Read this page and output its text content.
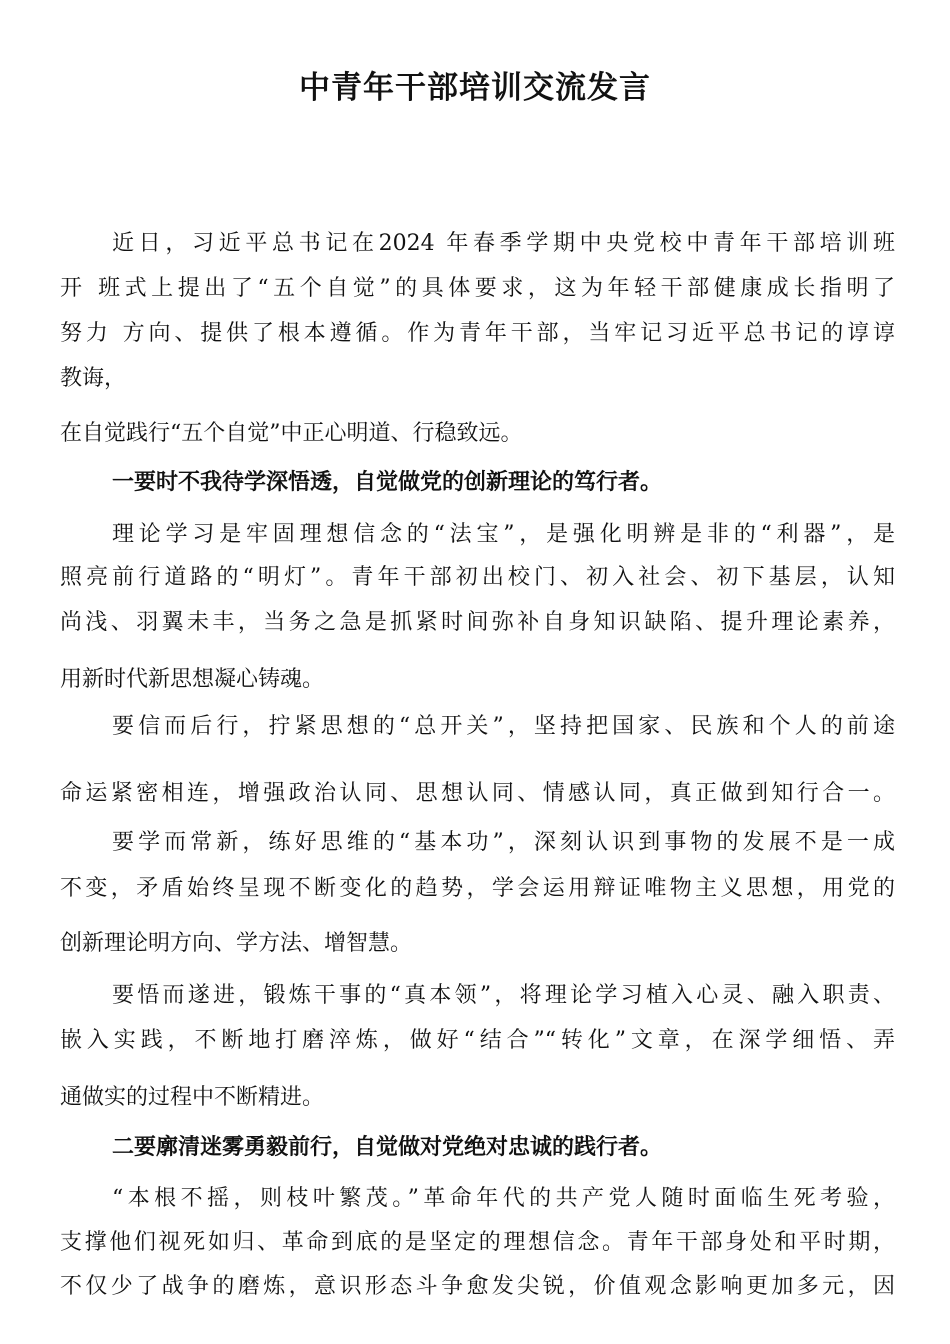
中青年干部培训交流发言

近日，习近平总书记在2024 年春季学期中央党校中青年干部培训班

开 班式上提出了“五个自觉”的具体要求，这为年轻干部健康成长指明了

努力 方向、提供了根本遵循。作为青年干部，当牢记习近平总书记的谆谆

教诲，

在自觉践行“五个自觉”中正心明道、行稳致远。

一要时不我待学深悟透，自觉做党的创新理论的笃行者。

理论学习是牢固理想信念的“法宝”，是强化明辨是非的“利器”，是

照亮前行道路的“明灯”。青年干部初出校门、初入社会、初下基层，认知

尚浅、羽翼未丰，当务之急是抓紧时间弥补自身知识缺陷、提升理论素养，

用新时代新思想凝心铸魂。

要信而后行，拧紧思想的“总开关”，坚持把国家、民族和个人的前途

命运紧密相连，增强政治认同、思想认同、情感认同，真正做到知行合一。

要学而常新，练好思维的“基本功”，深刻认识到事物的发展不是一成

不变，矛盾始终呈现不断变化的趋势，学会运用辩证唯物主义思想，用党的

创新理论明方向、学方法、增智慧。

要悟而遂进，锻炼干事的“真本领”，将理论学习植入心灵、融入职责、

嵌入实践，不断地打磨淬炼，做好“结合”“转化”文章，在深学细悟、弄

通做实的过程中不断精进。

二要廓清迷雾勇毅前行，自觉做对党绝对忠诚的践行者。

“本根不摇，则枝叶繁茂。”革命年代的共产党人随时面临生死考验，

支撑他们视死如归、革命到底的是坚定的理想信念。青年干部身处和平时期，

不仅少了战争的磨炼，意识形态斗争愈发尖锐，价值观念影响更加多元，因
